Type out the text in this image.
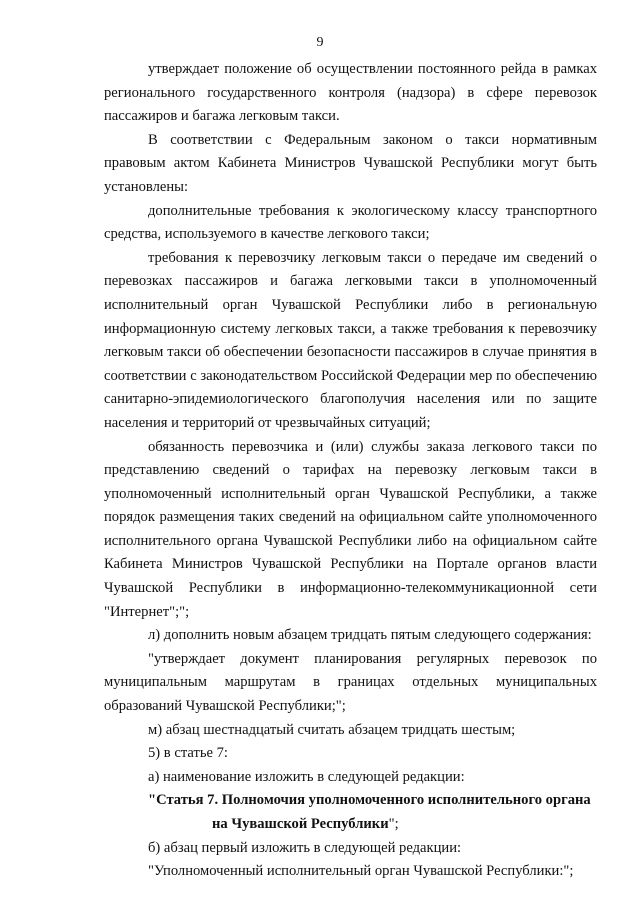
9

утверждает положение об осуществлении постоянного рейда в рамках регионального государственного контроля (надзора) в сфере перевозок пассажиров и багажа легковым такси.

В соответствии с Федеральным законом о такси нормативным правовым актом Кабинета Министров Чувашской Республики могут быть установлены:

дополнительные требования к экологическому классу транспортного средства, используемого в качестве легкового такси;

требования к перевозчику легковым такси о передаче им сведений о перевозках пассажиров и багажа легковыми такси в уполномоченный исполнительный орган Чувашской Республики либо в региональную информационную систему легковых такси, а также требования к перевозчику легковым такси об обеспечении безопасности пассажиров в случае принятия в соответствии с законодательством Российской Федерации мер по обеспечению санитарно-эпидемиологического благополучия населения или по защите населения и территорий от чрезвычайных ситуаций;

обязанность перевозчика и (или) службы заказа легкового такси по представлению сведений о тарифах на перевозку легковым такси в уполномоченный исполнительный орган Чувашской Республики, а также порядок размещения таких сведений на официальном сайте уполномоченного исполнительного органа Чувашской Республики либо на официальном сайте Кабинета Министров Чувашской Республики на Портале органов власти Чувашской Республики в информационно-телекоммуникационной сети "Интернет";";

л) дополнить новым абзацем тридцать пятым следующего содержания:

"утверждает документ планирования регулярных перевозок по муниципальным маршрутам в границах отдельных муниципальных образований Чувашской Республики;";

м) абзац шестнадцатый считать абзацем тридцать шестым;

5) в статье 7:

а) наименование изложить в следующей редакции:

"Статья 7. Полномочия уполномоченного исполнительного органа
на Чувашской Республики";

б) абзац первый изложить в следующей редакции:

"Уполномоченный исполнительный орган Чувашской Республики:";
